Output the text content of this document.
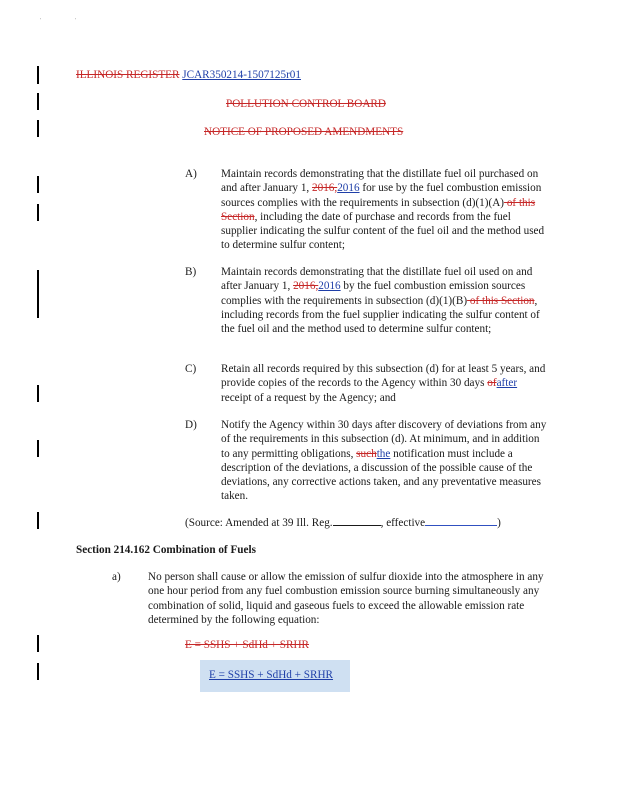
'	'
ILLINOIS REGISTER JCAR350214-1507125r01
POLLUTION CONTROL BOARD
NOTICE OF PROPOSED AMENDMENTS
A) Maintain records demonstrating that the distillate fuel oil purchased on and after January 1, 2016,2016 for use by the fuel combustion emission sources complies with the requirements in subsection (d)(1)(A) of this Section, including the date of purchase and records from the fuel supplier indicating the sulfur content of the fuel oil and the method used to determine sulfur content;
B) Maintain records demonstrating that the distillate fuel oil used on and after January 1, 2016,2016 by the fuel combustion emission sources complies with the requirements in subsection (d)(1)(B) of this Section, including records from the fuel supplier indicating the sulfur content of the fuel oil and the method used to determine sulfur content;
C) Retain all records required by this subsection (d) for at least 5 years, and provide copies of the records to the Agency within 30 days ofafter receipt of a request by the Agency; and
D) Notify the Agency within 30 days after discovery of deviations from any of the requirements in this subsection (d). At minimum, and in addition to any permitting obligations, suchthe notification must include a description of the deviations, a discussion of the possible cause of the deviations, any corrective actions taken, and any preventative measures taken.
(Source: Amended at 39 Ill. Reg.	, effective	)
Section 214.162 Combination of Fuels
a) No person shall cause or allow the emission of sulfur dioxide into the atmosphere in any one hour period from any fuel combustion emission source burning simultaneously any combination of solid, liquid and gaseous fuels to exceed the allowable emission rate determined by the following equation:
E = SSHS + SdHd + SRHR
E = SSHS + SdHd + SRHR
